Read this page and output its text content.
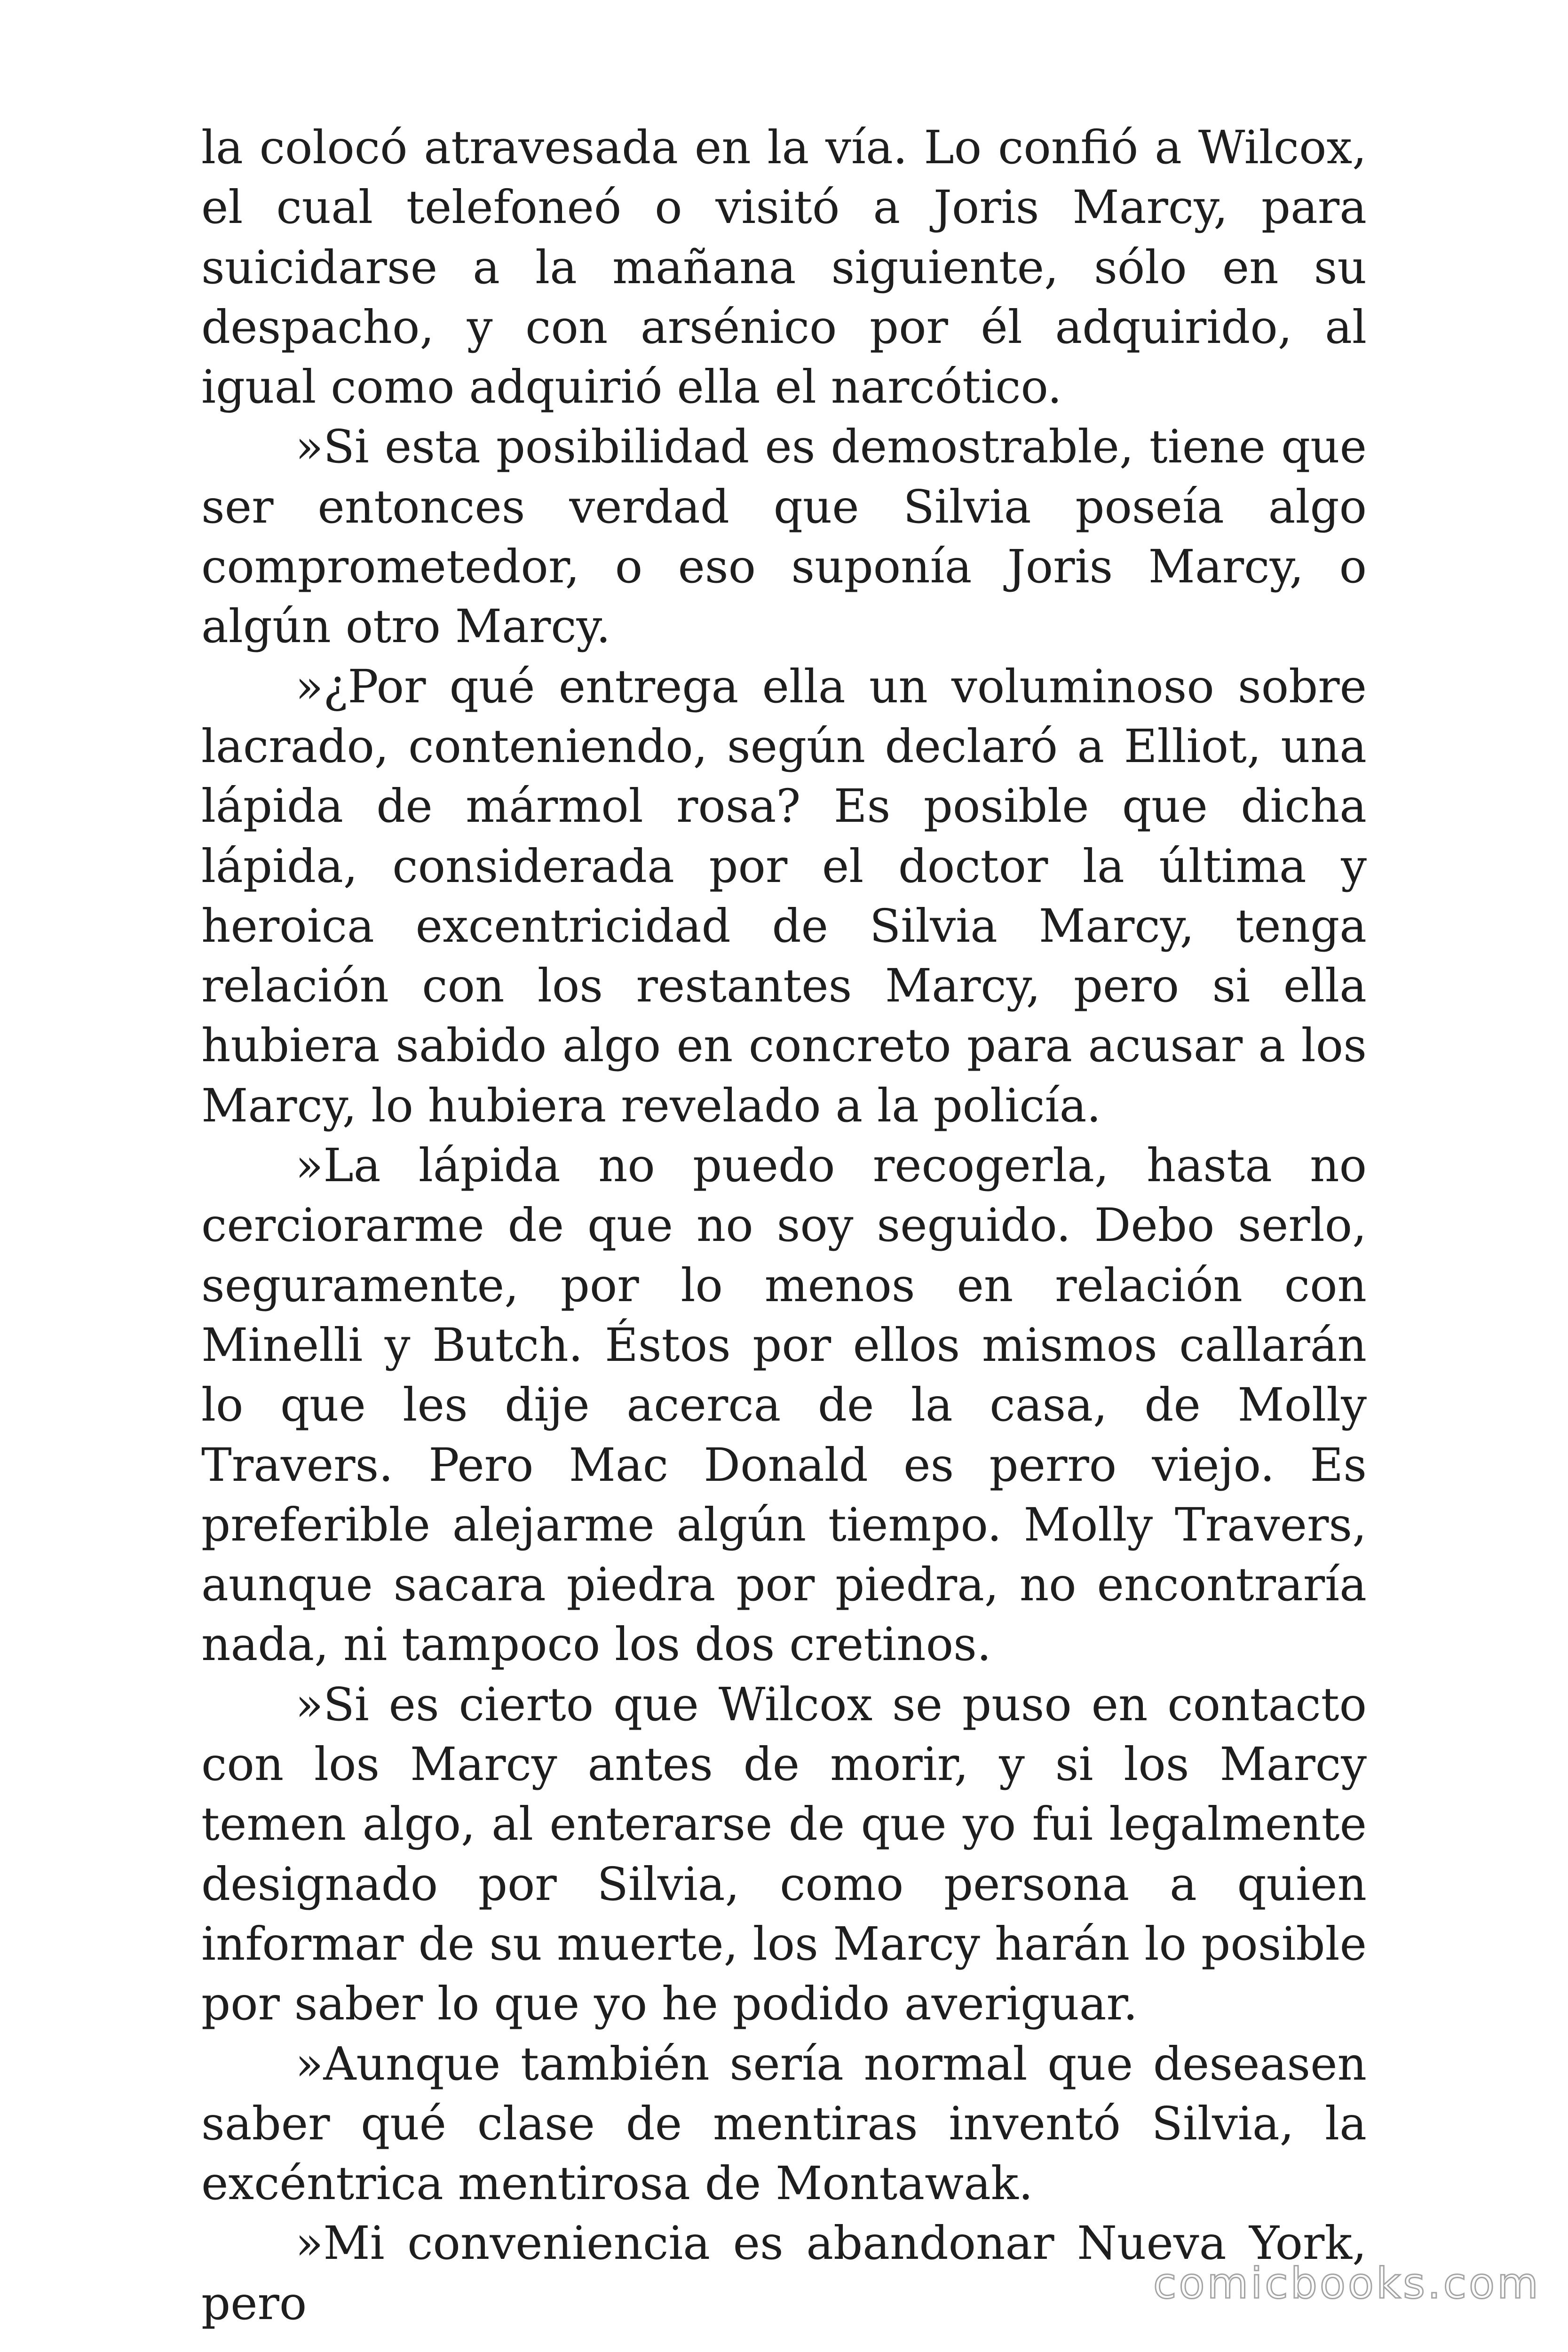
la colocó atravesada en la vía. Lo confió a Wilcox, el cual telefoneó o visitó a Joris Marcy, para suicidarse a la mañana siguiente, sólo en su despacho, y con arsénico por él adquirido, al igual como adquirió ella el narcótico.

»Si esta posibilidad es demostrable, tiene que ser entonces verdad que Silvia poseía algo comprometedor, o eso suponía Joris Marcy, o algún otro Marcy.

»¿Por qué entrega ella un voluminoso sobre lacrado, conteniendo, según declaró a Elliot, una lápida de mármol rosa? Es posible que dicha lápida, considerada por el doctor la última y heroica excentricidad de Silvia Marcy, tenga relación con los restantes Marcy, pero si ella hubiera sabido algo en concreto para acusar a los Marcy, lo hubiera revelado a la policía.

»La lápida no puedo recogerla, hasta no cerciorarme de que no soy seguido. Debo serlo, seguramente, por lo menos en relación con Minelli y Butch. Éstos por ellos mismos callarán lo que les dije acerca de la casa, de Molly Travers. Pero Mac Donald es perro viejo. Es preferible alejarme algún tiempo. Molly Travers, aunque sacara piedra por piedra, no encontraría nada, ni tampoco los dos cretinos.

»Si es cierto que Wilcox se puso en contacto con los Marcy antes de morir, y si los Marcy temen algo, al enterarse de que yo fui legalmente designado por Silvia, como persona a quien informar de su muerte, los Marcy harán lo posible por saber lo que yo he podido averiguar.

»Aunque también sería normal que deseasen saber qué clase de mentiras inventó Silvia, la excéntrica mentirosa de Montawak.

»Mi conveniencia es abandonar Nueva York, pero	comicbooks.com
